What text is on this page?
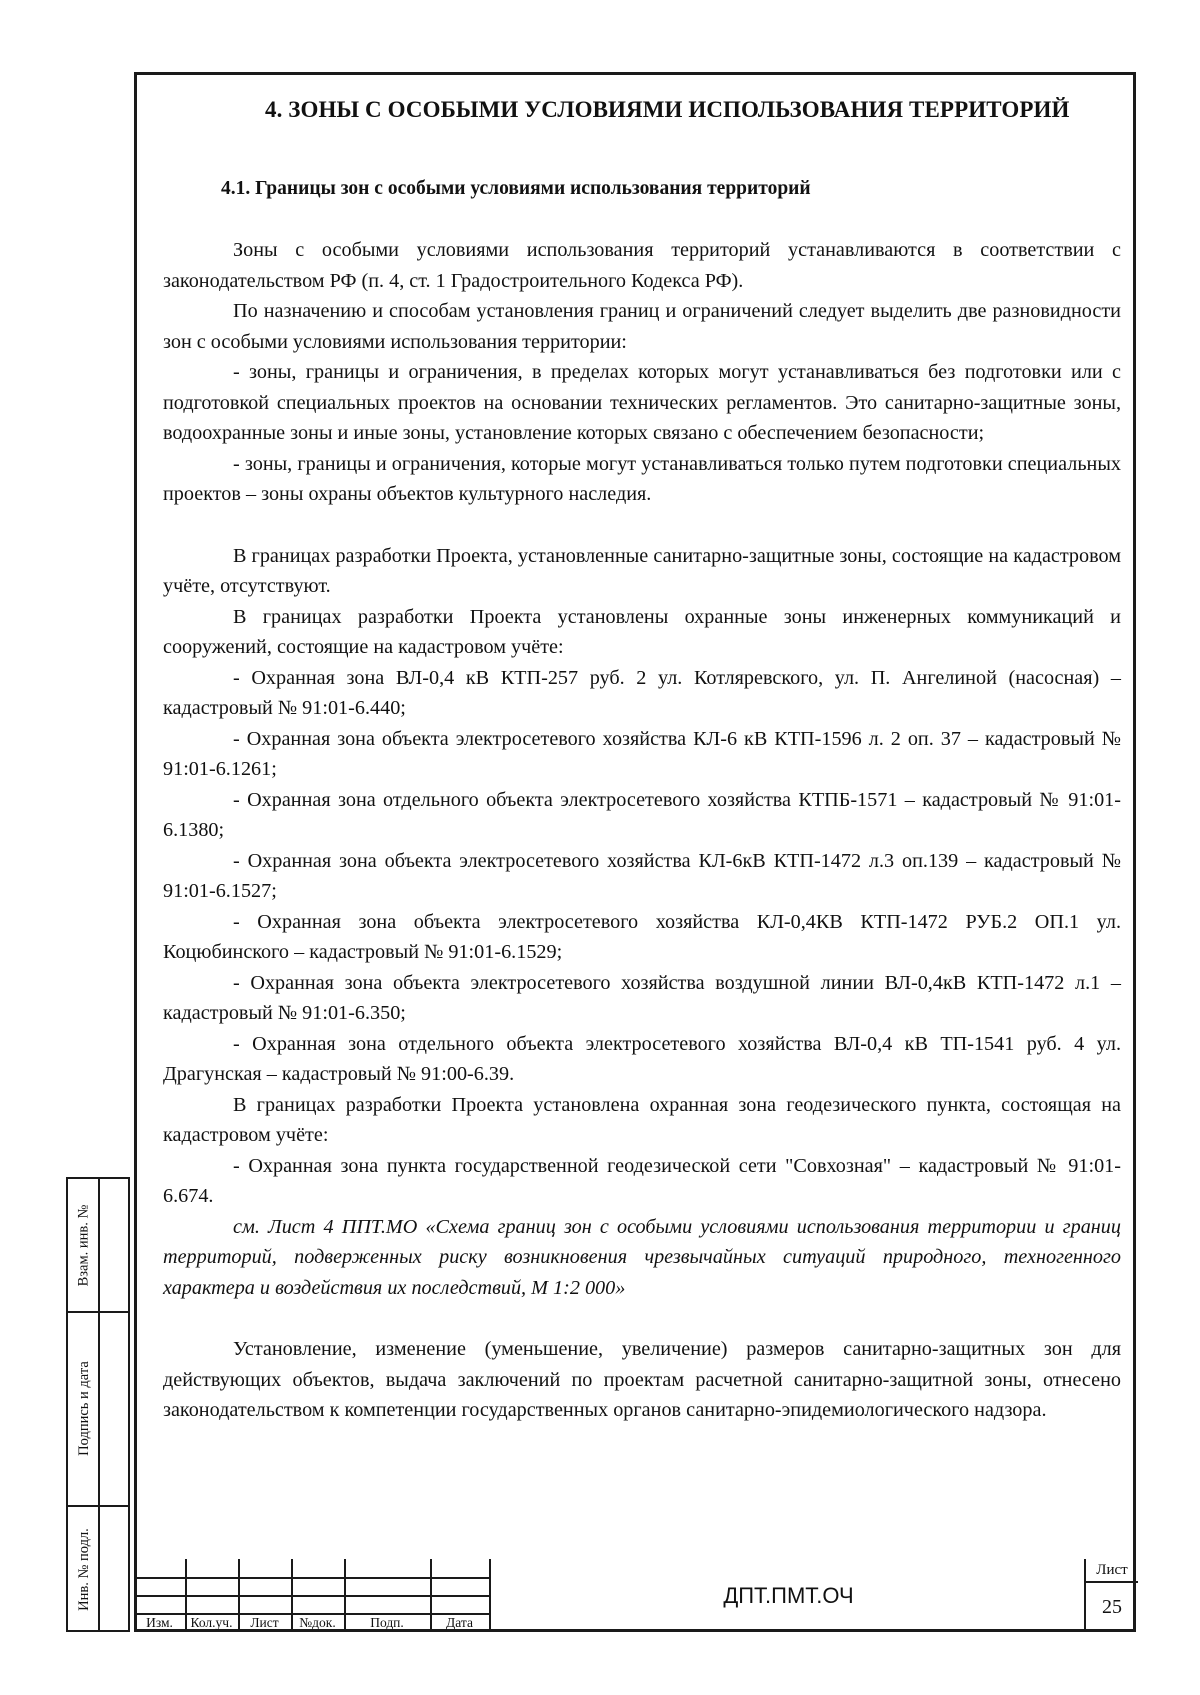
4. ЗОНЫ С ОСОБЫМИ УСЛОВИЯМИ ИСПОЛЬЗОВАНИЯ ТЕРРИТОРИЙ
4.1. Границы зон с особыми условиями использования территорий

Зоны с особыми условиями использования территорий устанавливаются в соответствии с законодательством РФ (п. 4, ст. 1 Градостроительного Кодекса РФ).

По назначению и способам установления границ и ограничений следует выделить две разновидности зон с особыми условиями использования территории:

- зоны, границы и ограничения, в пределах которых могут устанавливаться без подготовки или с подготовкой специальных проектов на основании технических регламентов. Это санитарно-защитные зоны, водоохранные зоны и иные зоны, установление которых связано с обеспечением безопасности;

- зоны, границы и ограничения, которые могут устанавливаться только путем подготовки специальных проектов – зоны охраны объектов культурного наследия.

В границах разработки Проекта, установленные санитарно-защитные зоны, состоящие на кадастровом учёте, отсутствуют.

В границах разработки Проекта установлены охранные зоны инженерных коммуникаций и сооружений, состоящие на кадастровом учёте:

- Охранная зона ВЛ-0,4 кВ КТП-257 руб. 2 ул. Котляревского, ул. П. Ангелиной (насосная) – кадастровый № 91:01-6.440;

- Охранная зона объекта электросетевого хозяйства КЛ-6 кВ КТП-1596 л. 2 оп. 37 – кадастровый № 91:01-6.1261;

- Охранная зона отдельного объекта электросетевого хозяйства КТПБ-1571 – кадастровый № 91:01-6.1380;

- Охранная зона объекта электросетевого хозяйства КЛ-6кВ КТП-1472 л.3 оп.139 – кадастровый № 91:01-6.1527;

- Охранная зона объекта электросетевого хозяйства КЛ-0,4КВ КТП-1472 РУБ.2 ОП.1 ул. Коцюбинского – кадастровый № 91:01-6.1529;

- Охранная зона объекта электросетевого хозяйства воздушной линии ВЛ-0,4кВ КТП-1472 л.1 – кадастровый № 91:01-6.350;

- Охранная зона отдельного объекта электросетевого хозяйства ВЛ-0,4 кВ ТП-1541 руб. 4 ул. Драгунская – кадастровый № 91:00-6.39.

В границах разработки Проекта установлена охранная зона геодезического пункта, состоящая на кадастровом учёте:

- Охранная зона пункта государственной геодезической сети "Совхозная" – кадастровый № 91:01-6.674.

см. Лист 4 ППТ.МО «Схема границ зон с особыми условиями использования территории и границ территорий, подверженных риску возникновения чрезвычайных ситуаций природного, техногенного характера и воздействия их последствий, М 1:2 000»

Установление, изменение (уменьшение, увеличение) размеров санитарно-защитных зон для действующих объектов, выдача заключений по проектам расчетной санитарно-защитной зоны, отнесено законодательством к компетенции государственных органов санитарно-эпидемиологического надзора.

Взам. инв. №
Подпись и дата
Инв. № подл.
Изм.	Кол.уч.	Лист	№док.	Подп.	Дата
ДПТ.ПМТ.ОЧ
Лист
25
